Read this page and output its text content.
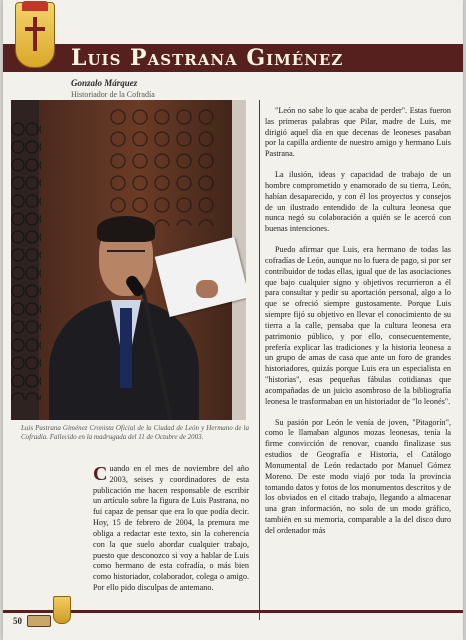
Luis Pastrana Giménez
Gonzalo Márquez
Historiador de la Cofradía
Luis Pastrana Giménez Cronista Oficial de la Ciudad de León y Hermano de la Cofradía. Fallecido en la madrugada del 11 de Octubre de 2003.

Cuando en el mes de noviembre del año 2003, seises y coordinadores de esta publicación me hacen responsable de escribir un artículo sobre la figura de Luis Pastrana, no fui capaz de pensar que era lo que podía decir. Hoy, 15 de febrero de 2004, la premura me obliga a redactar este texto, sin la coherencia con la que suelo abordar cualquier trabajo, puesto que desconozco si voy a hablar de Luis como hermano de esta cofradía, o más bien como historiador, colaborador, colega o amigo. Por ello pido disculpas de antemano.

"León no sabe lo que acaba de perder". Estas fueron las primeras palabras que Pilar, madre de Luis, me dirigió aquel día en que decenas de leoneses pasaban por la capilla ardiente de nuestro amigo y hermano Luis Pastrana.

La ilusión, ideas y capacidad de trabajo de un hombre comprometido y enamorado de su tierra, León, habían desaparecido, y con él los proyectos y consejos de un ilustrado entendido de la cultura leonesa que nunca negó su colaboración a quién se le acercó con buenas intenciones.

Puedo afirmar que Luis, era hermano de todas las cofradías de León, aunque no lo fuera de pago, si por ser contribuidor de todas ellas, igual que de las asociaciones que bajo cualquier signo y objetivos recurrieron a él para consultar y pedir su aportación personal, algo a lo que se ofreció siempre gustosamente. Porque Luis siempre fijó su objetivo en llevar el conocimiento de su tierra a la calle, pensaba que la cultura leonesa era patrimonio público, y por ello, consecuentemente, prefería explicar las tradiciones y la historia leonesa a un grupo de amas de casa que ante un foro de grandes historiadores, quizás porque Luis era un especialista en "historias", esas pequeñas fábulas cotidianas que acompañadas de un juicio asombroso de la bibliografía leonesa le trasformaban en un historiador de "lo leonés".

Su pasión por León le venía de joven, "Pitagorín", como le llamaban algunos mozas leonesas, tenía la firme convicción de renovar, cuando finalizase sus estudios de Geografía e Historia, el Catálogo Monumental de León redactado por Manuel Gómez Moreno. De este modo viajó por toda la provincia tomando datos y fotos de los monumentos descritos y de los obviados en el citado trabajo, llegando a almacenar una gran información, no solo de un modo gráfico, también en su memoria, comparable a la del disco duro del ordenador más

50
